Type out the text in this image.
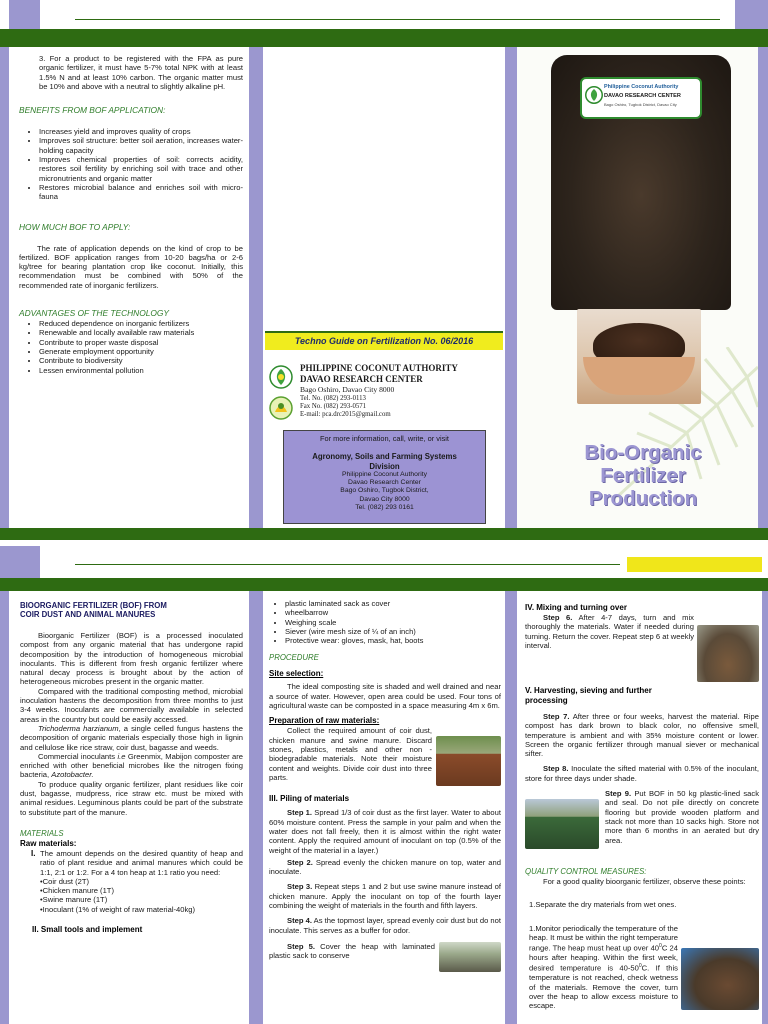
3. For a product to be registered with the FPA as pure organic fertilizer, it must have 5-7% total NPK with at least 1.5% N and at least 10% carbon. The organic matter must be 10% and above with a neutral to slightly alkaline pH.

BENEFITS FROM BOF APPLICATION:

• Increases yield and improves quality of crops
• Improves soil structure: better soil aeration, increases water-holding capacity
• Improves chemical properties of soil: corrects acidity, restores soil fertility by enriching soil with trace and other micronutrients and organic matter
• Restores microbial balance and enriches soil with micro-fauna

HOW MUCH BOF TO APPLY:

The rate of application depends on the kind of crop to be fertilized. BOF application ranges from 10-20 bags/ha or 2-6 kg/tree for bearing plantation crop like coconut. Initially, this recommendation must be combined with 50% of the recommended rate of inorganic fertilizers.

ADVANTAGES OF THE TECHNOLOGY

• Reduced dependence on inorganic fertilizers
• Renewable and locally available raw materials
• Contribute to proper waste disposal
• Generate employment opportunity
• Contribute to biodiversity
• Lessen environmental pollution
Techno Guide on Fertilization No. 06/2016
PHILIPPINE COCONUT AUTHORITY
DAVAO RESEARCH CENTER
Bago Oshiro, Davao City 8000
Tel. No. (082) 293-0113
Fax No. (082) 293-0571
E-mail: pca.drc2015@gmail.com
For more information, call, write, or visit
Agronomy, Soils and Farming Systems Division
Philippine Coconut Authority
Davao Research Center
Bago Oshiro, Tugbok District,
Davao City 8000
Tel. (082) 293 0161
Philippine Coconut Authority
DAVAO RESEARCH CENTER
Bago Oshiro, Tugbok District, Davao City
Bio-Organic
Fertilizer
Production

BIOORGANIC FERTILIZER (BOF) FROM

COIR DUST AND ANIMAL MANURES

Bioorganic Fertilizer (BOF) is a processed inoculated compost from any organic material that has undergone rapid decomposition by the introduction of homogeneous microbial inoculants. This is different from fresh organic fertilizer where natural decay process is brought about by the action of heterogeneous microbes present in the organic matter.

Compared with the traditional composting method, microbial inoculation hastens the decomposition from three months to just 3-4 weeks. Inoculants are commercially available in selected areas in the country but could be easily accessed.

Trichoderma harzianum, a single celled fungus hastens the decomposition of organic materials especially those high in lignin and cellulose like rice straw, coir dust, bagasse and weeds.

Commercial inoculants i.e Greenmix, Mabijon composter are enriched with other beneficial microbes like the nitrogen fixing bacteria, Azotobacter.

To produce quality organic fertilizer, plant residues like coir dust, bagasse, mudpress, rice straw etc. must be mixed with animal residues. Leguminous plants could be part of the substrate to substitute part of the manure.

MATERIALS

Raw materials:

I. The amount depends on the desired quantity of heap and ratio of plant residue and animal manures which could be 1:1, 2:1 or 1:2. For a 4 ton heap at 1:1 ratio you need:

•Coir dust (2T)

•Chicken manure (1T)

•Swine manure (1T)

•Inoculant (1% of weight of raw material-40kg)

II. Small tools and implement

• plastic laminated sack as cover
• wheelbarrow
• Weighing scale
• Siever (wire mesh size of ¼ of an inch)
• Protective wear: gloves, mask, hat, boots

PROCEDURE

Site selection:

The ideal composting site is shaded and well drained and near a source of water. However, open area could be used. Four tons of agricultural waste can be composted in a space measuring 4m x 6m.

Preparation of raw materials:

Collect the required amount of coir dust, chicken manure and swine manure. Discard stones, plastics, metals and other non -biodegradable materials. Note their moisture content and weights. Divide coir dust into three parts.

III. Piling of materials

Step 1. Spread 1/3 of coir dust as the first layer. Water to about 60% moisture content. Press the sample in your palm and when the water does not fall freely, then it is almost within the right water content. Apply the required amount of inoculant on top (0.5% of the weight of the material in a layer.)

Step 2. Spread evenly the chicken manure on top, water and inoculate.

Step 3. Repeat steps 1 and 2 but use swine manure instead of chicken manure. Apply the inoculant on top of the fourth layer combining the weight of materials in the fourth and fifth layers.

Step 4. As the topmost layer, spread evenly coir dust but do not inoculate. This serves as a buffer for odor.

Step 5. Cover the heap with laminated plastic sack to conserve

IV. Mixing and turning over

Step 6. After 4-7 days, turn and mix thoroughly the materials. Water if needed during turning. Return the cover. Repeat step 6 at weekly interval.

V. Harvesting, sieving and further processing

Step 7. After three or four weeks, harvest the material. Ripe compost has dark brown to black color, no offensive smell, temperature is ambient and with 35% moisture content or lower. Screen the organic fertilizer through manual siever or mechanical sifter.

Step 8. Inoculate the sifted material with 0.5% of the inoculant, store for three days under shade.

Step 9. Put BOF in 50 kg plastic-lined sack and seal. Do not pile directly on concrete flooring but provide wooden platform and stack not more than 10 sacks high. Store not more than 6 months in an aerated but dry area.

QUALITY CONTROL MEASURES:

For a good quality bioorganic fertilizer, observe these points:

1.Separate the dry materials from wet ones.

1.Monitor periodically the temperature of the heap. It must be within the right temperature range. The heap must heat up over $40^0C$ 24 hours after heaping. Within the first week, desired temperature is $40-50^0C$. If this temperature is not reached, check wetness of the materials. Remove the cover, turn over the heap to allow excess moisture to escape.
